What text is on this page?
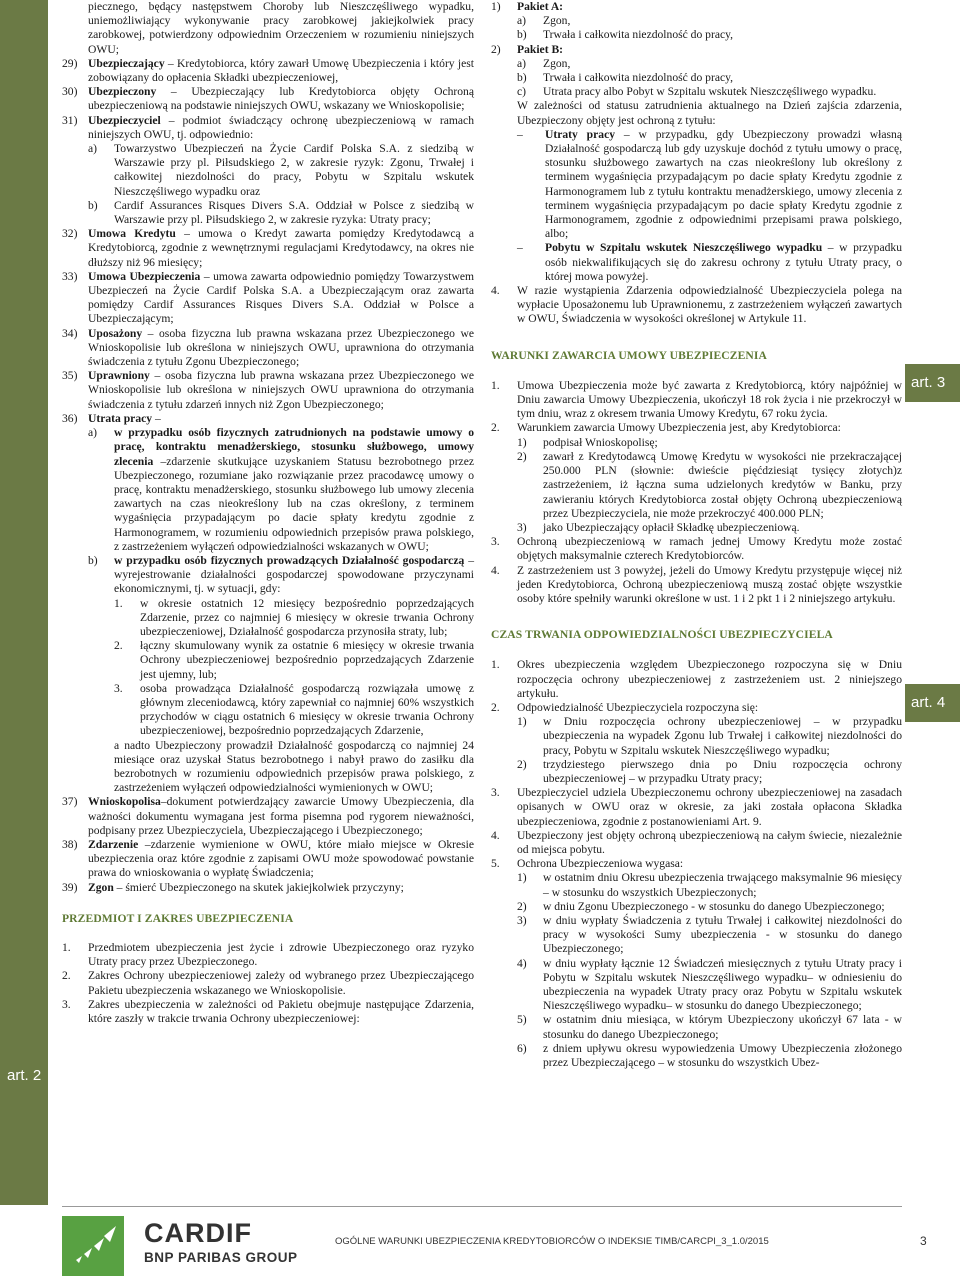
art. 2
art. 3
art. 4
piecznego, będący następstwem Choroby lub Nieszczęśliwego wypadku, uniemożliwiający wykonywanie pracy zarobkowej jakiejkolwiek pracy zarobkowej, potwierdzony odpowiednim Orzeczeniem w rozumieniu niniejszych OWU;
29) Ubezpieczający – Kredytobiorca, który zawarł Umowę Ubezpieczenia i który jest zobowiązany do opłacenia Składki ubezpieczeniowej,
30) Ubezpieczony – Ubezpieczający lub Kredytobiorca objęty Ochroną ubezpieczeniową na podstawie niniejszych OWU, wskazany we Wnioskopolisie;
31) Ubezpieczyciel – podmiot świadczący ochronę ubezpieczeniową w ramach niniejszych OWU, tj. odpowiednio:
a) Towarzystwo Ubezpieczeń na Życie Cardif Polska S.A. z siedzibą w Warszawie przy pl. Piłsudskiego 2, w zakresie ryzyk: Zgonu, Trwałej i całkowitej niezdolności do pracy, Pobytu w Szpitalu wskutek Nieszczęśliwego wypadku oraz
b) Cardif Assurances Risques Divers S.A. Oddział w Polsce z siedzibą w Warszawie przy pl. Piłsudskiego 2, w zakresie ryzyka: Utraty pracy;
32) Umowa Kredytu – umowa o Kredyt zawarta pomiędzy Kredytodawcą a Kredytobiorcą, zgodnie z wewnętrznymi regulacjami Kredytodawcy, na okres nie dłuższy niż 96 miesięcy;
33) Umowa Ubezpieczenia – umowa zawarta odpowiednio pomiędzy Towarzystwem Ubezpieczeń na Życie Cardif Polska S.A. a Ubezpieczającym oraz zawarta pomiędzy Cardif Assurances Risques Divers S.A. Oddział w Polsce a Ubezpieczającym;
34) Uposażony – osoba fizyczna lub prawna wskazana przez Ubezpieczonego we Wnioskopolisie lub określona w niniejszych OWU, uprawniona do otrzymania świadczenia z tytułu Zgonu Ubezpieczonego;
35) Uprawniony – osoba fizyczna lub prawna wskazana przez Ubezpieczonego we Wnioskopolisie lub określona w niniejszych OWU uprawniona do otrzymania świadczenia z tytułu zdarzeń innych niż Zgon Ubezpieczonego;
36) Utrata pracy –
a) w przypadku osób fizycznych zatrudnionych na podstawie umowy o pracę, kontraktu menadżerskiego, stosunku służbowego, umowy zlecenia –zdarzenie skutkujące uzyskaniem Statusu bezrobotnego przez Ubezpieczonego, rozumiane jako rozwiązanie przez pracodawcę umowy o pracę, kontraktu menadżerskiego, stosunku służbowego lub umowy zlecenia zawartych na czas nieokreślony lub na czas określony, z terminem wygaśnięcia przypadającym po dacie spłaty kredytu zgodnie z Harmonogramem, w rozumieniu odpowiednich przepisów prawa polskiego, z zastrzeżeniem wyłączeń odpowiedzialności wskazanych w OWU;
b) w przypadku osób fizycznych prowadzących Działalność gospodarczą –wyrejestrowanie działalności gospodarczej spowodowane przyczynami ekonomicznymi, tj. w sytuacji, gdy:
1. w okresie ostatnich 12 miesięcy bezpośrednio poprzedzających Zdarzenie, przez co najmniej 6 miesięcy w okresie trwania Ochrony ubezpieczeniowej, Działalność gospodarcza przynosiła straty, lub;
2. łączny skumulowany wynik za ostatnie 6 miesięcy w okresie trwania Ochrony ubezpieczeniowej bezpośrednio poprzedzających Zdarzenie jest ujemny, lub;
3. osoba prowadząca Działalność gospodarczą rozwiązała umowę z głównym zleceniodawcą, który zapewniał co najmniej 60% wszystkich przychodów w ciągu ostatnich 6 miesięcy w okresie trwania Ochrony ubezpieczeniowej, bezpośrednio poprzedzających Zdarzenie,
a nadto Ubezpieczony prowadził Działalność gospodarczą co najmniej 24 miesiące oraz uzyskał Status bezrobotnego i nabył prawo do zasiłku dla bezrobotnych w rozumieniu odpowiednich przepisów prawa polskiego, z zastrzeżeniem wyłączeń odpowiedzialności wymienionych w OWU;
37) Wnioskopolisa–dokument potwierdzający zawarcie Umowy Ubezpieczenia, dla ważności dokumentu wymagana jest forma pisemna pod rygorem nieważności, podpisany przez Ubezpieczyciela, Ubezpieczającego i Ubezpieczonego;
38) Zdarzenie –zdarzenie wymienione w OWU, które miało miejsce w Okresie ubezpieczenia oraz które zgodnie z zapisami OWU może spowodować powstanie prawa do wnioskowania o wypłatę Świadczenia;
39) Zgon – śmierć Ubezpieczonego na skutek jakiejkolwiek przyczyny;
PRZEDMIOT I ZAKRES UBEZPIECZENIA
1. Przedmiotem ubezpieczenia jest życie i zdrowie Ubezpieczonego oraz ryzyko Utraty pracy przez Ubezpieczonego.
2. Zakres Ochrony ubezpieczeniowej zależy od wybranego przez Ubezpieczającego Pakietu ubezpieczenia wskazanego we Wnioskopolisie.
3. Zakres ubezpieczenia w zależności od Pakietu obejmuje następujące Zdarzenia, które zaszły w trakcie trwania Ochrony ubezpieczeniowej:
1) Pakiet A:
a) Zgon,
b) Trwała i całkowita niezdolność do pracy,
2) Pakiet B:
a) Zgon,
b) Trwała i całkowita niezdolność do pracy,
c) Utrata pracy albo Pobyt w Szpitalu wskutek Nieszczęśliwego wypadku.
W zależności od statusu zatrudnienia aktualnego na Dzień zajścia zdarzenia, Ubezpieczony objęty jest ochroną z tytułu:
– Utraty pracy – w przypadku, gdy Ubezpieczony prowadzi własną Działalność gospodarczą lub gdy uzyskuje dochód z tytułu umowy o pracę, stosunku służbowego zawartych na czas nieokreślony lub określony z terminem wygaśnięcia przypadającym po dacie spłaty Kredytu zgodnie z Harmonogramem lub z tytułu kontraktu menadżerskiego, umowy zlecenia z terminem wygaśnięcia przypadającym po dacie spłaty Kredytu zgodnie z Harmonogramem, zgodnie z odpowiednimi przepisami prawa polskiego, albo;
– Pobytu w Szpitalu wskutek Nieszczęśliwego wypadku – w przypadku osób niekwalifikujących się do zakresu ochrony z tytułu Utraty pracy, o której mowa powyżej.
4. W razie wystąpienia Zdarzenia odpowiedzialność Ubezpieczyciela polega na wypłacie Uposażonemu lub Uprawnionemu, z zastrzeżeniem wyłączeń zawartych w OWU, Świadczenia w wysokości określonej w Artykule 11.
WARUNKI ZAWARCIA UMOWY UBEZPIECZENIA
1. Umowa Ubezpieczenia może być zawarta z Kredytobiorcą, który najpóźniej w Dniu zawarcia Umowy Ubezpieczenia, ukończył 18 rok życia i nie przekroczył w tym dniu, wraz z okresem trwania Umowy Kredytu, 67 roku życia.
2. Warunkiem zawarcia Umowy Ubezpieczenia jest, aby Kredytobiorca:
1) podpisał Wnioskopolisę;
2) zawarł z Kredytodawcą Umowę Kredytu w wysokości nie przekraczającej 250.000 PLN (słownie: dwieście pięćdziesiąt tysięcy złotych)z zastrzeżeniem, iż łączna suma udzielonych kredytów w Banku, przy zawieraniu których Kredytobiorca został objęty Ochroną ubezpieczeniową przez Ubezpieczyciela, nie może przekroczyć 400.000 PLN;
3) jako Ubezpieczający opłacił Składkę ubezpieczeniową.
3. Ochroną ubezpieczeniową w ramach jednej Umowy Kredytu może zostać objętych maksymalnie czterech Kredytobiorców.
4. Z zastrzeżeniem ust 3 powyżej, jeżeli do Umowy Kredytu przystępuje więcej niż jeden Kredytobiorca, Ochroną ubezpieczeniową muszą zostać objęte wszystkie osoby które spełniły warunki określone w ust. 1 i 2 pkt 1 i 2 niniejszego artykułu.
CZAS TRWANIA ODPOWIEDZIALNOŚCI UBEZPIECZYCIELA
1. Okres ubezpieczenia względem Ubezpieczonego rozpoczyna się w Dniu rozpoczęcia ochrony ubezpieczeniowej z zastrzeżeniem ust. 2 niniejszego artykułu.
2. Odpowiedzialność Ubezpieczyciela rozpoczyna się:
1) w Dniu rozpoczęcia ochrony ubezpieczeniowej – w przypadku ubezpieczenia na wypadek Zgonu lub Trwałej i całkowitej niezdolności do pracy, Pobytu w Szpitalu wskutek Nieszczęśliwego wypadku;
2) trzydziestego pierwszego dnia po Dniu rozpoczęcia ochrony ubezpieczeniowej – w przypadku Utraty pracy;
3. Ubezpieczyciel udziela Ubezpieczonemu ochrony ubezpieczeniowej na zasadach opisanych w OWU oraz w okresie, za jaki została opłacona Składka ubezpieczeniowa, zgodnie z postanowieniami Art. 9.
4. Ubezpieczony jest objęty ochroną ubezpieczeniową na całym świecie, niezależnie od miejsca pobytu.
5. Ochrona Ubezpieczeniowa wygasa:
1) w ostatnim dniu Okresu ubezpieczenia trwającego maksymalnie 96 miesięcy – w stosunku do wszystkich Ubezpieczonych;
2) w dniu Zgonu Ubezpieczonego - w stosunku do danego Ubezpieczonego;
3) w dniu wypłaty Świadczenia z tytułu Trwałej i całkowitej niezdolności do pracy w wysokości Sumy ubezpieczenia - w stosunku do danego Ubezpieczonego;
4) w dniu wypłaty łącznie 12 Świadczeń miesięcznych z tytułu Utraty pracy i Pobytu w Szpitalu wskutek Nieszczęśliwego wypadku– w odniesieniu do ubezpieczenia na wypadek Utraty pracy oraz Pobytu w Szpitalu wskutek Nieszczęśliwego wypadku– w stosunku do danego Ubezpieczonego;
5) w ostatnim dniu miesiąca, w którym Ubezpieczony ukończył 67 lata - w stosunku do danego Ubezpieczonego;
6) z dniem upływu okresu wypowiedzenia Umowy Ubezpieczenia złożonego przez Ubezpieczającego – w stosunku do wszystkich Ubez-
CARDIF
BNP PARIBAS GROUP
OGÓLNE WARUNKI UBEZPIECZENIA KREDYTOBIORCÓW O INDEKSIE TIMB/CARCPI_3_1.0/2015	3
